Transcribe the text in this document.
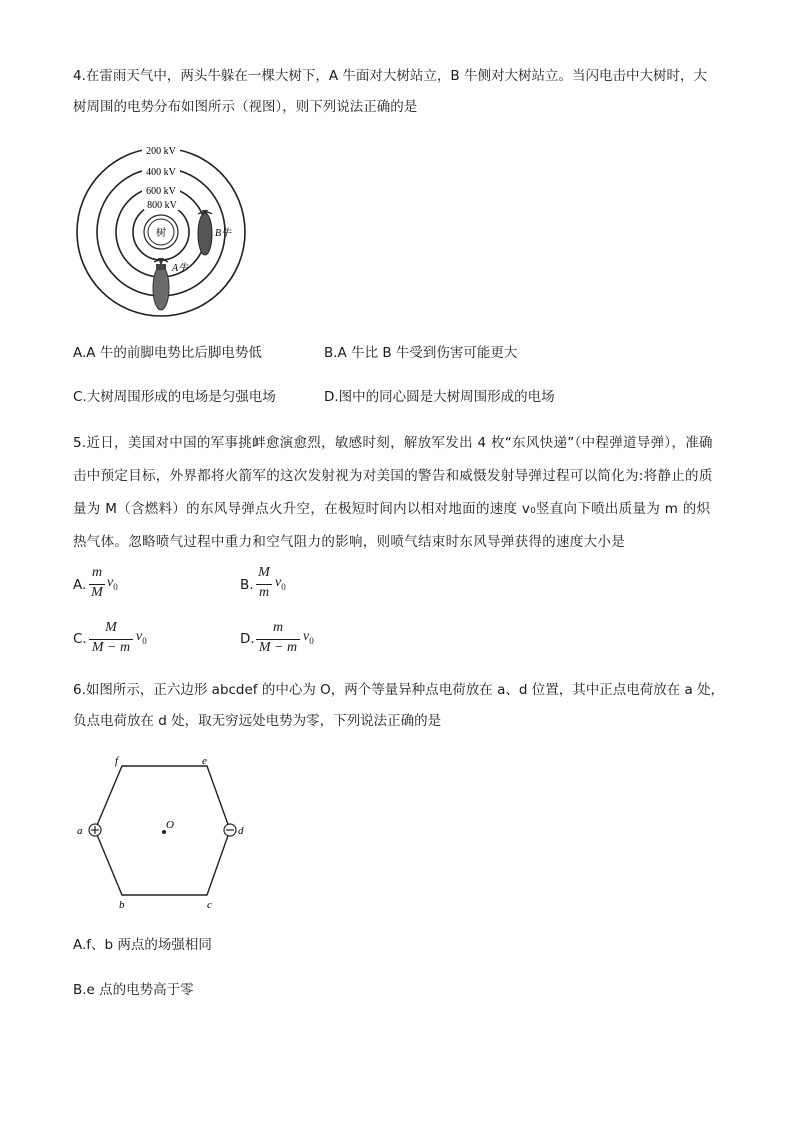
4.在雷雨天气中，两头牛躲在一棵大树下，A 牛面对大树站立，B 牛侧对大树站立。当闪电击中大树时，大
树周围的电势分布如图所示（视图），则下列说法正确的是
200 kV
400 kV
600 kV
800 kV
树
A牛
B牛
A.A 牛的前脚电势比后脚电势低	B.A 牛比 B 牛受到伤害可能更大
C.大树周围形成的电场是匀强电场	D.图中的同心圆是大树周围形成的电场
5.近日，美国对中国的军事挑衅愈演愈烈，敏感时刻，解放军发出 4 枚“东风快递”（中程弹道导弹），准确击中预定目标，外界都将火箭军的这次发射视为对美国的警告和威慑发射导弹过程可以简化为:将静止的质量为 M（含燃料）的东风导弹点火升空，在极短时间内以相对地面的速度 v₀竖直向下喷出质量为 m 的炽热气体。忽略喷气过程中重力和空气阻力的影响，则喷气结束时东风导弹获得的速度大小是
A.
m
M
$v_0$	B.
M
m
$v_0$
C.
M
M − m
$v_0$	D.
m
M − m
$v_0$
6.如图所示，正六边形 abcdef 的中心为 O，两个等量异种点电荷放在 a、d 位置，其中正点电荷放在 a 处，
负点电荷放在 d 处，取无穷远处电势为零，下列说法正确的是
O
a
b	c
d
e
f
A.f、b 两点的场强相同
B.e 点的电势高于零
